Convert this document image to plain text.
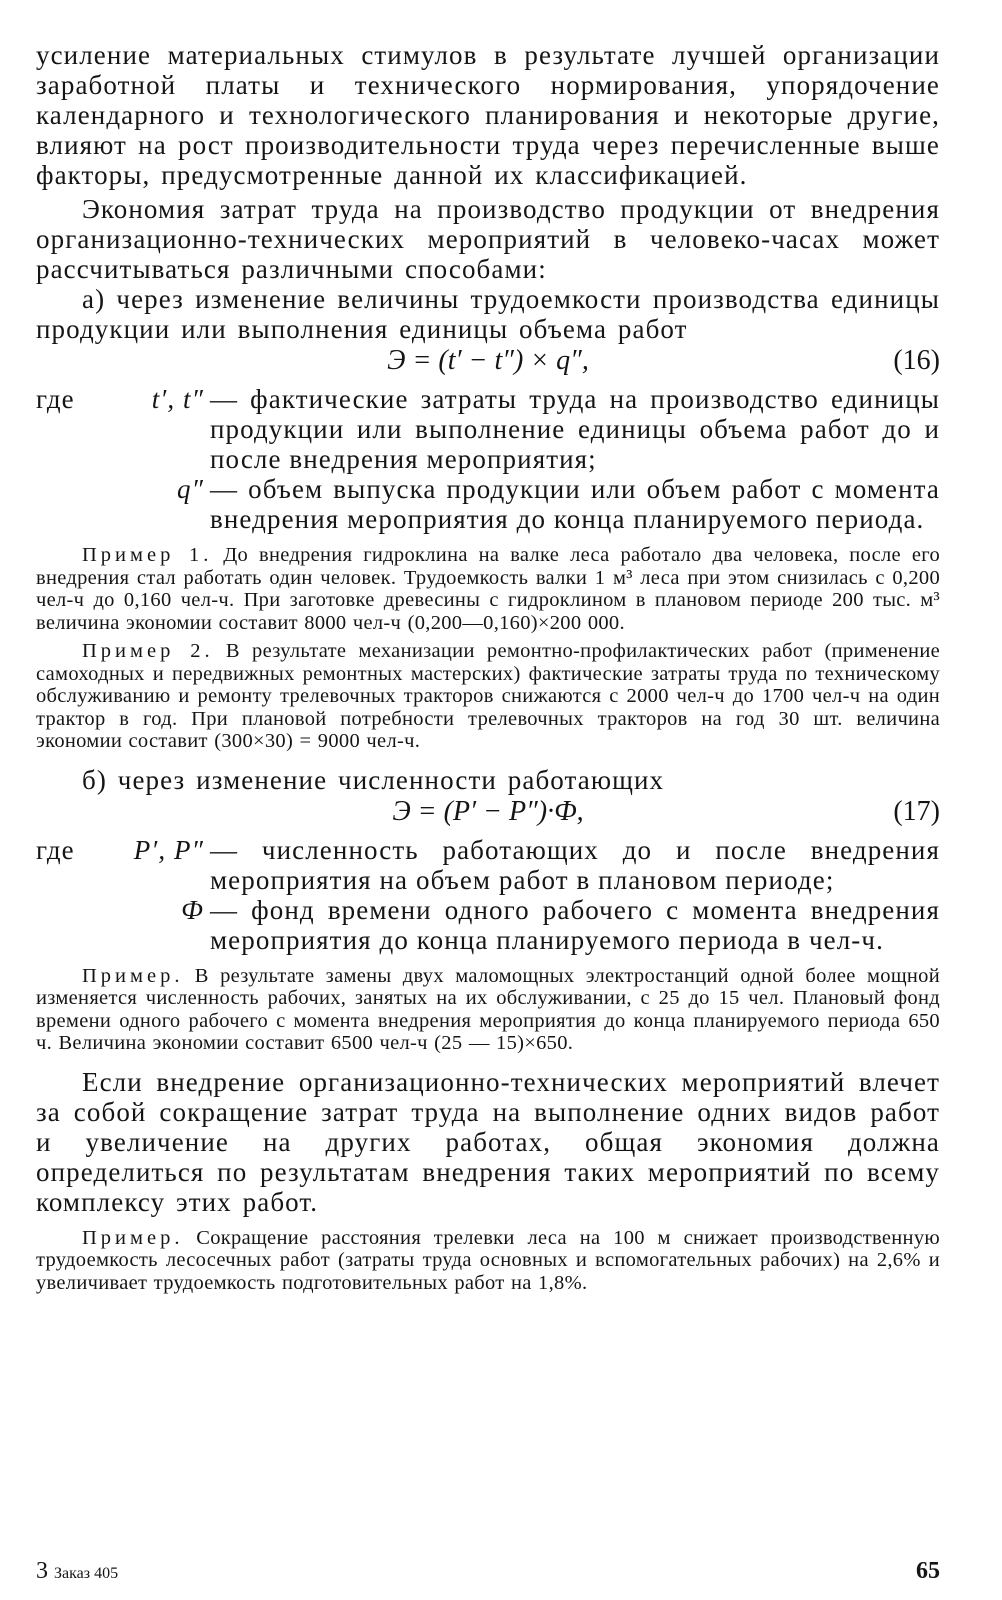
усиление материальных стимулов в результате лучшей организации заработной платы и технического нормирования, упорядочение календарного и технологического планирования и некоторые другие, влияют на рост производительности труда через перечисленные выше факторы, предусмотренные данной их классификацией.

Экономия затрат труда на производство продукции от внедрения организационно-технических мероприятий в человеко-часах может рассчитываться различными способами:

а) через изменение величины трудоемкости производства единицы продукции или выполнения единицы объема работ

Э = (t′ − t″) × q″,	(16)
где	t′, t″ — фактические затраты труда на производство единицы продукции или выполнение единицы объема работ до и после внедрения мероприятия;
q″ — объем выпуска продукции или объем работ с момента внедрения мероприятия до конца планируемого периода.

Пример 1. До внедрения гидроклина на валке леса работало два человека, после его внедрения стал работать один человек. Трудоемкость валки 1 м³ леса при этом снизилась с 0,200 чел-ч до 0,160 чел-ч. При заготовке древесины с гидроклином в плановом периоде 200 тыс. м³ величина экономии составит 8000 чел-ч (0,200—0,160)×200 000.

Пример 2. В результате механизации ремонтно-профилактических работ (применение самоходных и передвижных ремонтных мастерских) фактические затраты труда по техническому обслуживанию и ремонту трелевочных тракторов снижаются с 2000 чел-ч до 1700 чел-ч на один трактор в год. При плановой потребности трелевочных тракторов на год 30 шт. величина экономии составит (300×30) = 9000 чел-ч.

б) через изменение численности работающих

Э = (P′ − P″)·Ф,	(17)
где P′, P″ — численность работающих до и после внедрения мероприятия на объем работ в плановом периоде;
Ф — фонд времени одного рабочего с момента внедрения мероприятия до конца планируемого периода в чел-ч.

Пример. В результате замены двух маломощных электростанций одной более мощной изменяется численность рабочих, занятых на их обслуживании, с 25 до 15 чел. Плановый фонд времени одного рабочего с момента внедрения мероприятия до конца планируемого периода 650 ч. Величина экономии составит 6500 чел-ч (25 — 15)×650.

Если внедрение организационно-технических мероприятий влечет за собой сокращение затрат труда на выполнение одних видов работ и увеличение на других работах, общая экономия должна определиться по результатам внедрения таких мероприятий по всему комплексу этих работ.

Пример. Сокращение расстояния трелевки леса на 100 м снижает производственную трудоемкость лесосечных работ (затраты труда основных и вспомогательных рабочих) на 2,6% и увеличивает трудоемкость подготовительных работ на 1,8%.

3 Заказ 405	65
